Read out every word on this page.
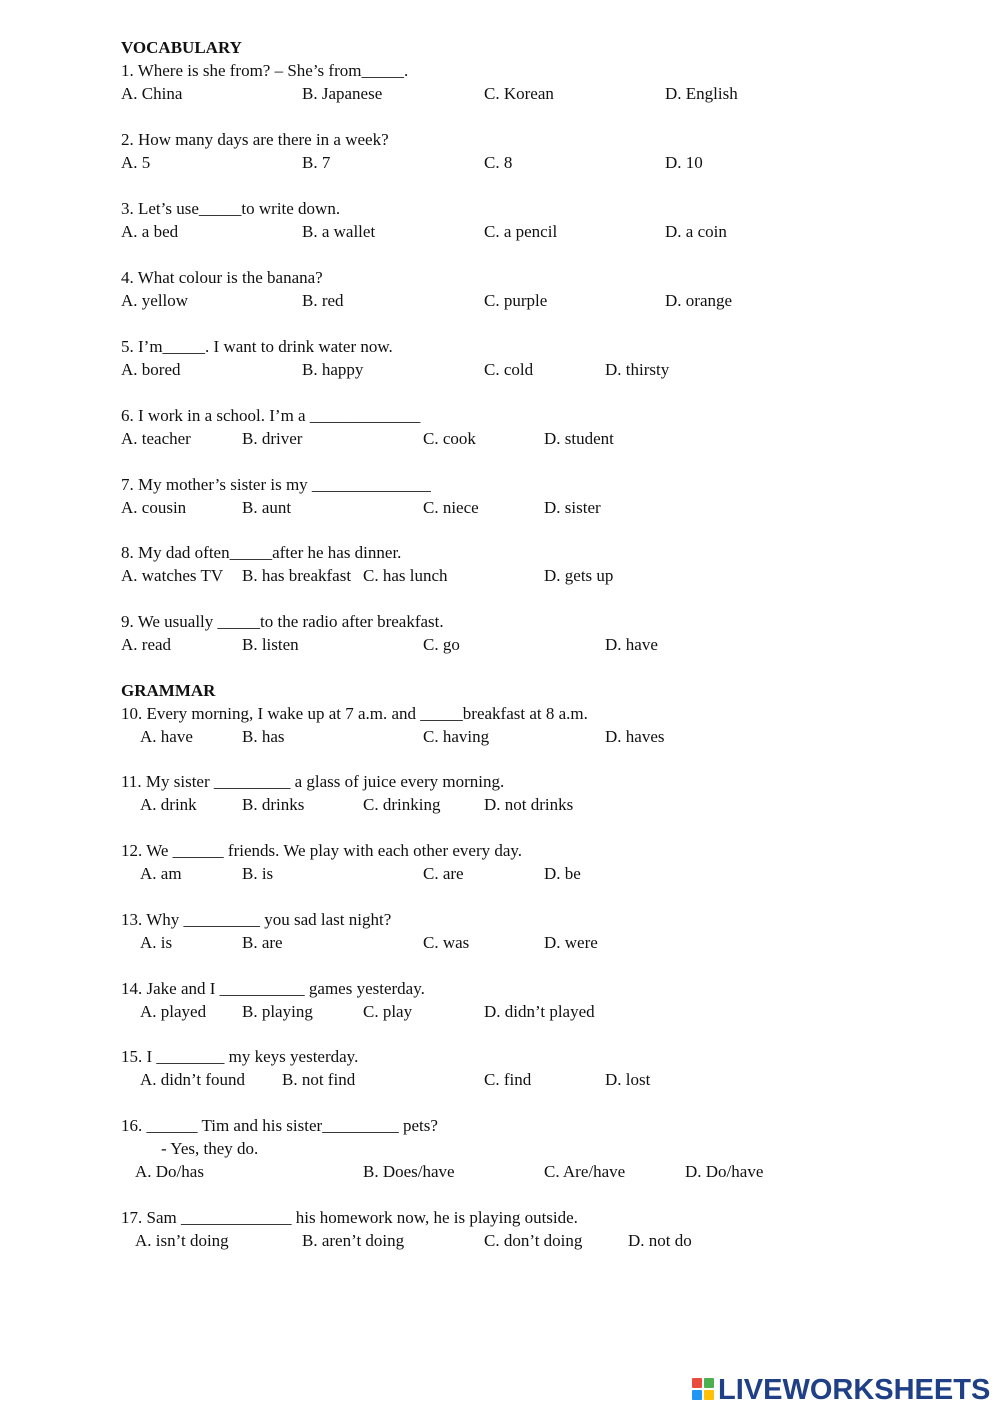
VOCABULARY
1. Where is she from? – She’s from_____.
A. China	B. Japanese	C. Korean	D. English
2. How many days are there in a week?
A. 5	B. 7	C. 8	D. 10
3. Let’s use_____to write down.
A. a bed	B. a wallet	C. a pencil	D. a coin
4. What colour is the banana?
A. yellow	B. red	C. purple	D. orange
5. I’m_____. I want to drink water now.
A. bored	B. happy	C. cold	D. thirsty
6. I work in a school. I’m a _____________
A. teacher	B. driver	C. cook	D. student
7. My mother’s sister is my ______________
A. cousin	B. aunt	C. niece	D. sister
8. My dad often_____after he has dinner.
A. watches TV B. has breakfast C. has lunch	D. gets up
9. We usually _____to the radio after breakfast.
A. read	B. listen	C. go	D. have
GRAMMAR
10. Every morning, I wake up at 7 a.m. and _____breakfast at 8 a.m.
A. have	B. has	C. having	D. haves
11. My sister _________ a glass of juice every morning.
A. drink	B. drinks	C. drinking	D. not drinks
12. We ______ friends. We play with each other every day.
A. am	B. is	C. are	D. be
13. Why _________ you sad last night?
A. is	B. are	C. was	D. were
14. Jake and I __________ games yesterday.
A. played B. playing	C. play	D. didn’t played
15. I ________ my keys yesterday.
A. didn’t found B. not find	C. find	D. lost
16. ______ Tim and his sister_________ pets?
- Yes, they do.
A. Do/has	B. Does/have	C. Are/have	D. Do/have
17. Sam _____________ his homework now, he is playing outside.
A. isn’t doing	B. aren’t doing	C. don’t doing	D. not do
LIVEWORKSHEETS
